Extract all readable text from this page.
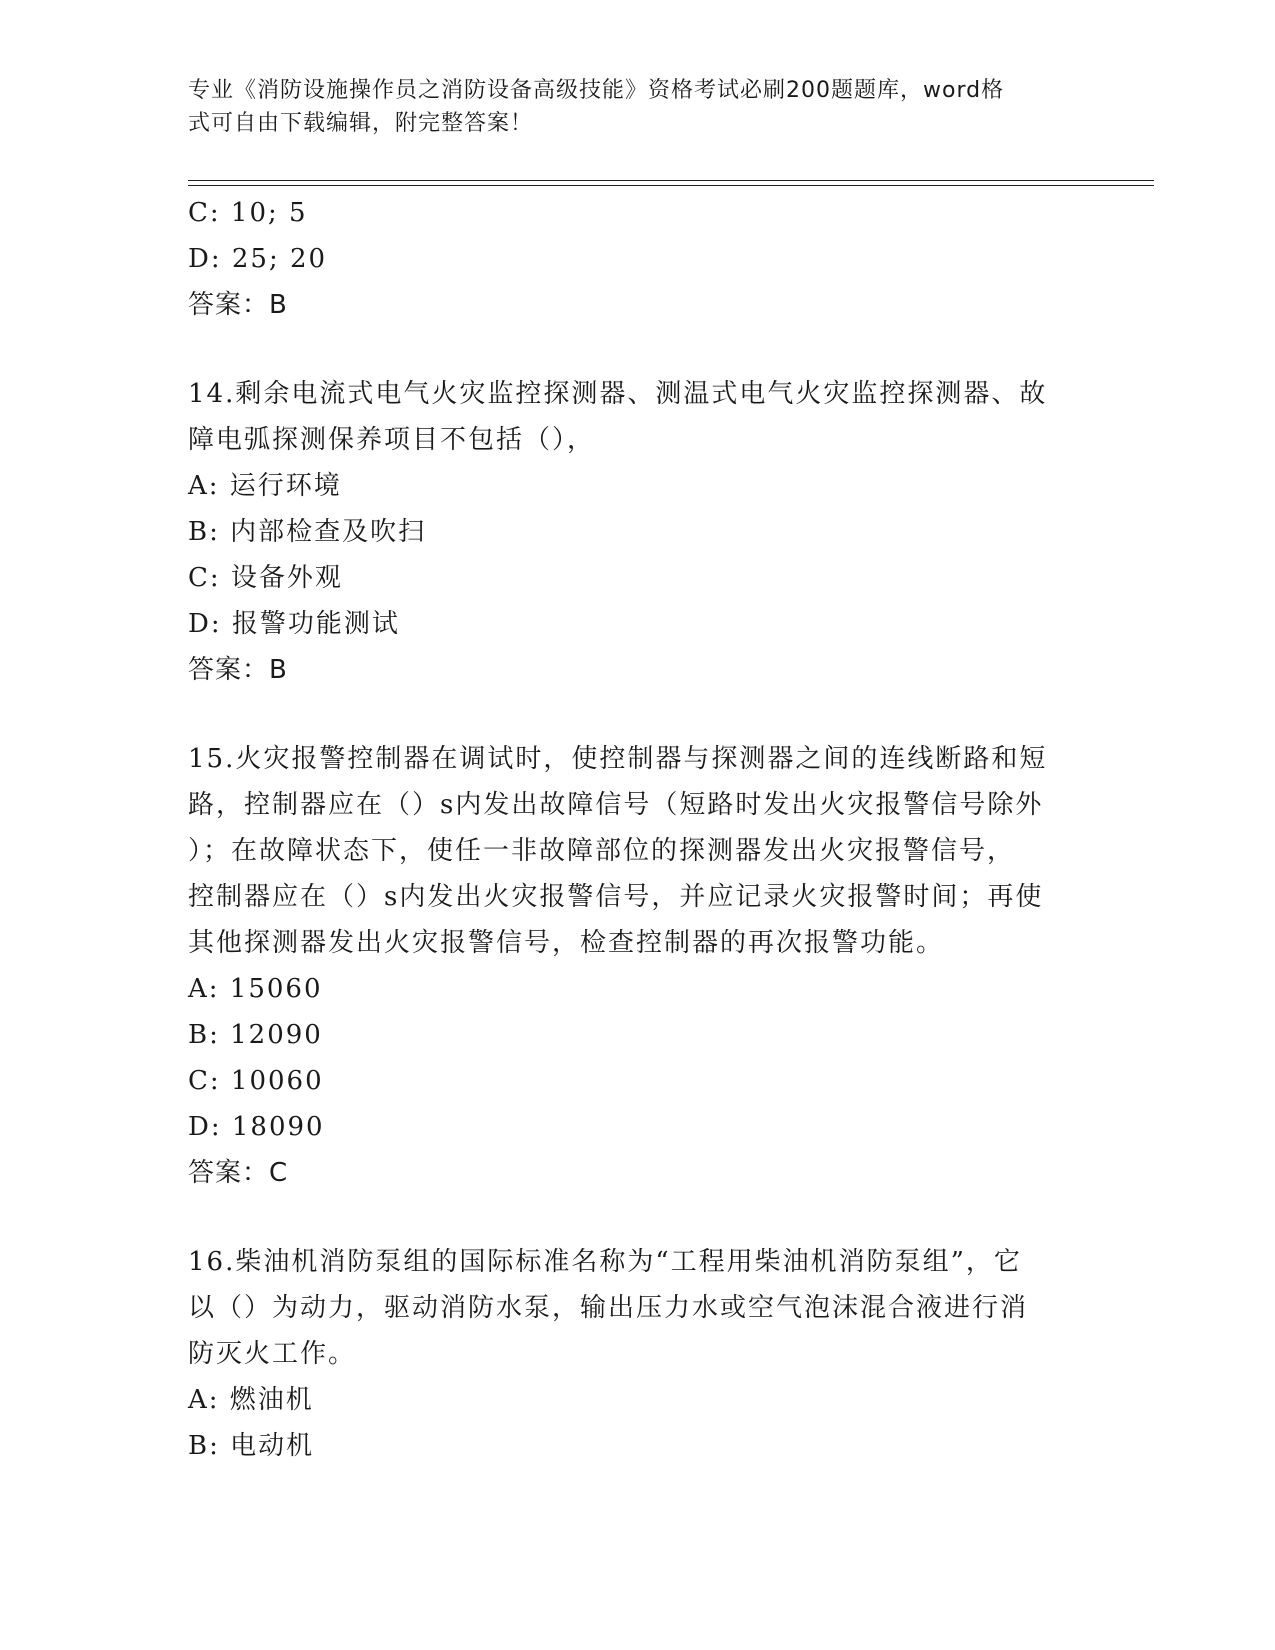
专业《消防设施操作员之消防设备高级技能》资格考试必刷200题题库，word格
式可自由下载编辑，附完整答案！
C: 10; 5
D: 25; 20
答案：B
14.剩余电流式电气火灾监控探测器、测温式电气火灾监控探测器、故
障电弧探测保养项目不包括（），
A: 运行环境
B: 内部检查及吹扫
C: 设备外观
D: 报警功能测试
答案：B
15.火灾报警控制器在调试时，使控制器与探测器之间的连线断路和短
路，控制器应在（）s内发出故障信号（短路时发出火灾报警信号除外
）；在故障状态下，使任一非故障部位的探测器发出火灾报警信号，
控制器应在（）s内发出火灾报警信号，并应记录火灾报警时间；再使
其他探测器发出火灾报警信号，检查控制器的再次报警功能。
A: 15060
B: 12090
C: 10060
D: 18090
答案：C
16.柴油机消防泵组的国际标准名称为“工程用柴油机消防泵组”，它
以（）为动力，驱动消防水泵，输出压力水或空气泡沫混合液进行消
防灭火工作。
A: 燃油机
B: 电动机
